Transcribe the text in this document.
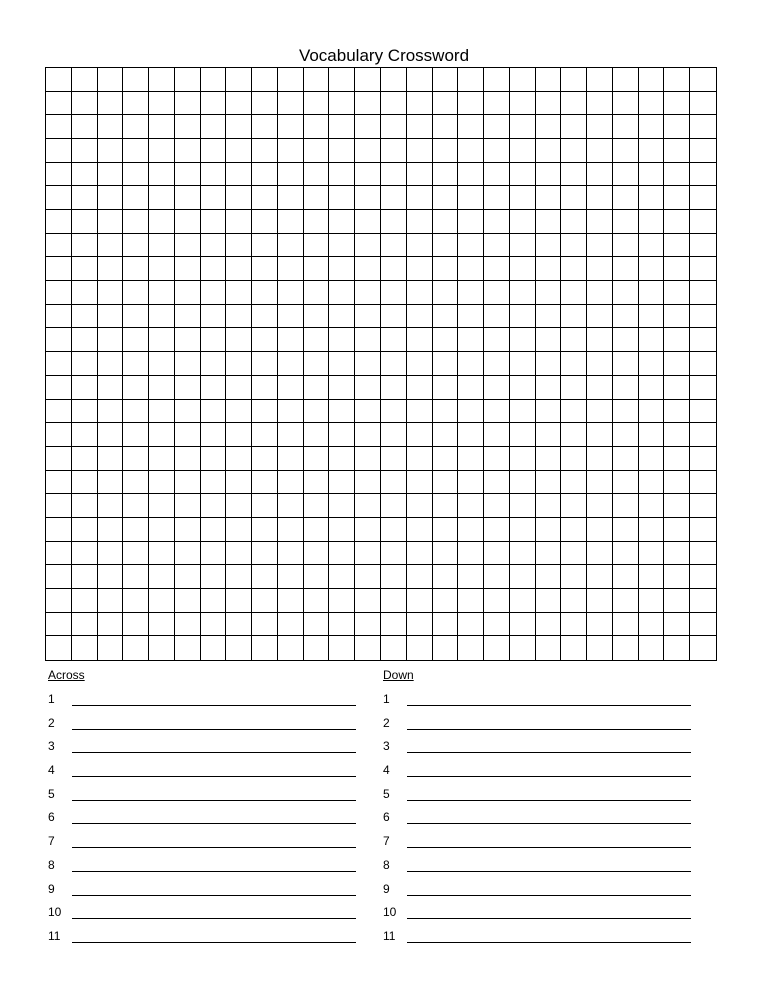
Vocabulary Crossword
Across	Down
1
2
3
4
5
6
7
8
9
10
11
1
2
3
4
5
6
7
8
9
10
11
